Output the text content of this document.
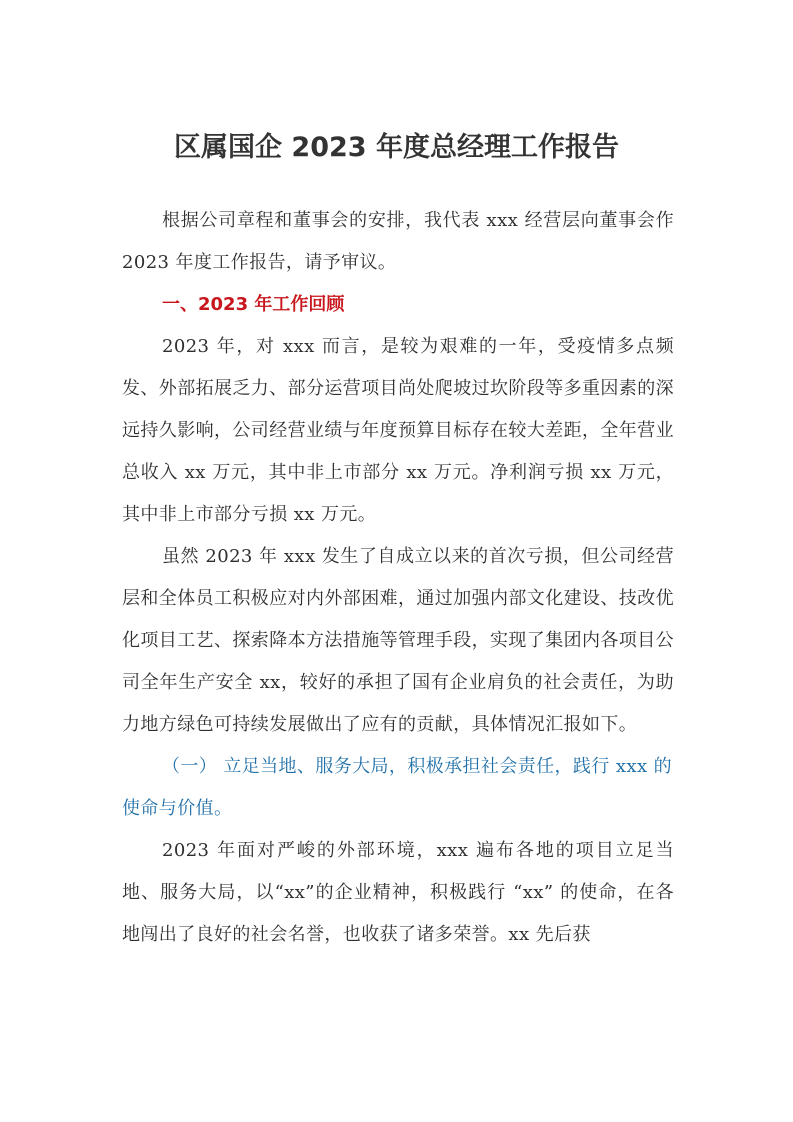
区属国企 2023 年度总经理工作报告

根据公司章程和董事会的安排，我代表 xxx 经营层向董事会作 2023 年度工作报告，请予审议。

一、2023 年工作回顾

2023 年，对 xxx 而言，是较为艰难的一年，受疫情多点频发、外部拓展乏力、部分运营项目尚处爬坡过坎阶段等多重因素的深远持久影响，公司经营业绩与年度预算目标存在较大差距，全年营业总收入 xx 万元，其中非上市部分 xx 万元。净利润亏损 xx 万元，其中非上市部分亏损 xx 万元。

虽然 2023 年 xxx 发生了自成立以来的首次亏损，但公司经营层和全体员工积极应对内外部困难，通过加强内部文化建设、技改优化项目工艺、探索降本方法措施等管理手段，实现了集团内各项目公司全年生产安全 xx，较好的承担了国有企业肩负的社会责任，为助力地方绿色可持续发展做出了应有的贡献，具体情况汇报如下。

（一） 立足当地、服务大局，积极承担社会责任，践行 xxx 的使命与价值。

2023 年面对严峻的外部环境，xxx 遍布各地的项目立足当地、服务大局，以“xx”的企业精神，积极践行 “xx” 的使命，在各地闯出了良好的社会名誉，也收获了诸多荣誉。xx 先后获
